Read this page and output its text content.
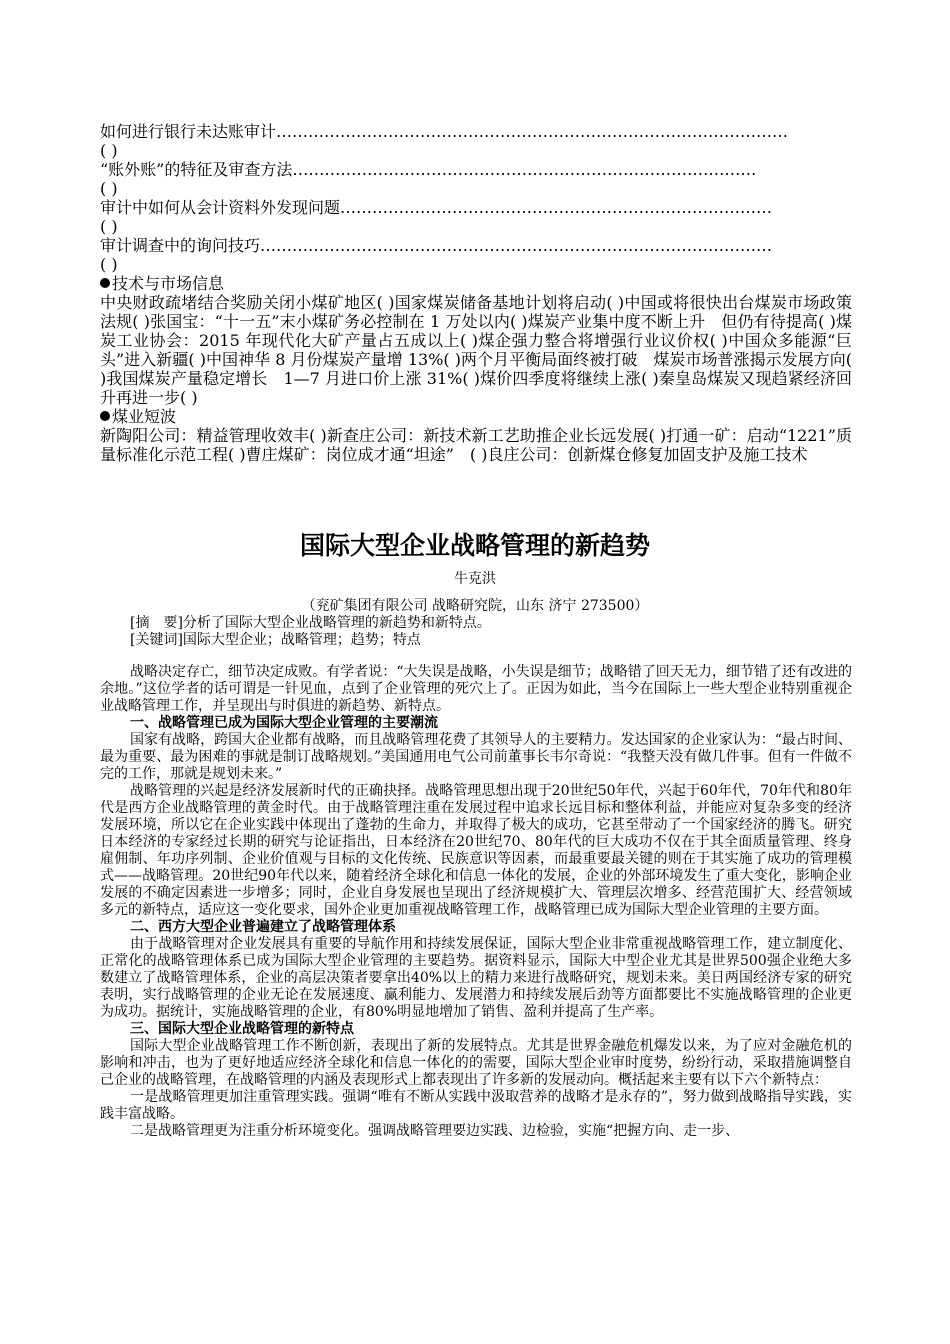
如何进行银行未达账审计……………………………………………………………………………………
( )
“账外账”的特征及审查方法……………………………………………………………………………
( )
审计中如何从会计资料外发现问题………………………………………………………………………
( )
审计调查中的询问技巧……………………………………………………………………………………
( )
技术与市场信息
中央财政疏堵结合奖励关闭小煤矿地区( )国家煤炭储备基地计划将启动( )中国或将很快出台煤炭市场政策法规( )张国宝：“十一五”末小煤矿务必控制在 1 万处以内( )煤炭产业集中度不断上升　但仍有待提高( )煤炭工业协会：2015 年现代化大矿产量占五成以上( )煤企强力整合将增强行业议价权( )中国众多能源“巨头”进入新疆( )中国神华 8 月份煤炭产量增 13%( )两个月平衡局面终被打破　煤炭市场普涨揭示发展方向( )我国煤炭产量稳定增长　1—7 月进口价上涨 31%( )煤价四季度将继续上涨( )秦皇岛煤炭又现趋紧经济回升再进一步( )
煤业短波
新陶阳公司：精益管理收效丰( )新查庄公司：新技术新工艺助推企业长远发展( )打通一矿：启动“1221”质量标准化示范工程( )曹庄煤矿：岗位成才通“坦途”　( )良庄公司：创新煤仓修复加固支护及施工技术
国际大型企业战略管理的新趋势
牛克洪
（兖矿集团有限公司 战略研究院，山东 济宁 273500）
[摘　要]分析了国际大型企业战略管理的新趋势和新特点。
[关键词]国际大型企业；战略管理；趋势；特点

战略决定存亡，细节决定成败。有学者说：“大失误是战略，小失误是细节；战略错了回天无力，细节错了还有改进的余地。”这位学者的话可谓是一针见血，点到了企业管理的死穴上了。正因为如此，当今在国际上一些大型企业特别重视企业战略管理工作，并呈现出与时俱进的新趋势、新特点。

一、战略管理已成为国际大型企业管理的主要潮流

国家有战略，跨国大企业都有战略，而且战略管理花费了其领导人的主要精力。发达国家的企业家认为：“最占时间、最为重要、最为困难的事就是制订战略规划。”美国通用电气公司前董事长韦尔奇说：“我整天没有做几件事。但有一件做不完的工作，那就是规划未来。”

战略管理的兴起是经济发展新时代的正确抉择。战略管理思想出现于20世纪50年代，兴起于60年代，70年代和80年代是西方企业战略管理的黄金时代。由于战略管理注重在发展过程中追求长远目标和整体利益，并能应对复杂多变的经济发展环境，所以它在企业实践中体现出了蓬勃的生命力，并取得了极大的成功，它甚至带动了一个国家经济的腾飞。研究日本经济的专家经过长期的研究与论证指出，日本经济在20世纪70、80年代的巨大成功不仅在于其全面质量管理、终身雇佣制、年功序列制、企业价值观与目标的文化传统、民族意识等因素，而最重要最关键的则在于其实施了成功的管理模式——战略管理。20世纪90年代以来，随着经济全球化和信息一体化的发展，企业的外部环境发生了重大变化，影响企业发展的不确定因素进一步增多；同时，企业自身发展也呈现出了经济规模扩大、管理层次增多、经营范围扩大、经营领域多元的新特点，适应这一变化要求，国外企业更加重视战略管理工作，战略管理已成为国际大型企业管理的主要方面。

二、西方大型企业普遍建立了战略管理体系

由于战略管理对企业发展具有重要的导航作用和持续发展保证，国际大型企业非常重视战略管理工作，建立制度化、正常化的战略管理体系已成为国际大型企业管理的主要趋势。据资料显示，国际大中型企业尤其是世界500强企业绝大多数建立了战略管理体系，企业的高层决策者要拿出40%以上的精力来进行战略研究，规划未来。美日两国经济专家的研究表明，实行战略管理的企业无论在发展速度、赢利能力、发展潜力和持续发展后劲等方面都要比不实施战略管理的企业更为成功。据统计，实施战略管理的企业，有80%明显地增加了销售、盈利并提高了生产率。

三、国际大型企业战略管理的新特点

国际大型企业战略管理工作不断创新，表现出了新的发展特点。尤其是世界金融危机爆发以来，为了应对金融危机的影响和冲击，也为了更好地适应经济全球化和信息一体化的的需要，国际大型企业审时度势，纷纷行动，采取措施调整自己企业的战略管理，在战略管理的内涵及表现形式上都表现出了许多新的发展动向。概括起来主要有以下六个新特点：

一是战略管理更加注重管理实践。强调“唯有不断从实践中汲取营养的战略才是永存的”，努力做到战略指导实践，实践丰富战略。

二是战略管理更为注重分析环境变化。强调战略管理要边实践、边检验，实施“把握方向、走一步、
